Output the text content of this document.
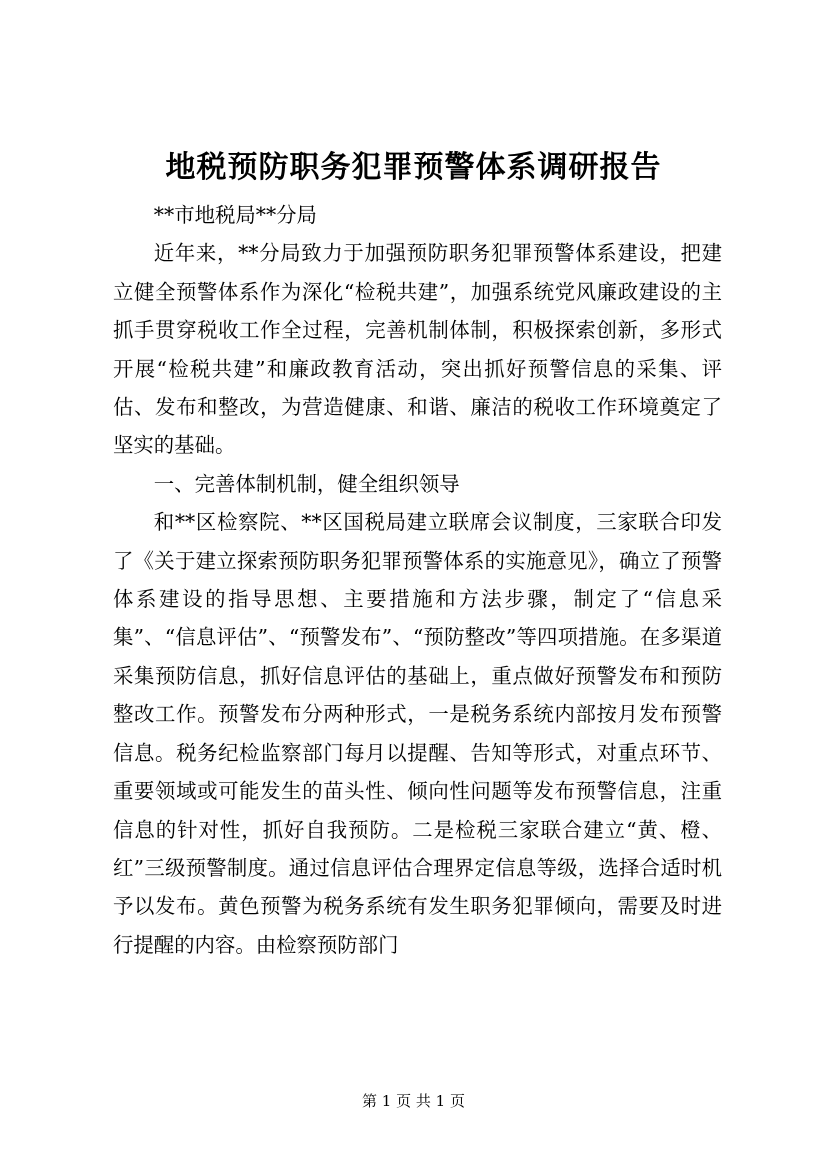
地税预防职务犯罪预警体系调研报告

**市地税局**分局

近年来，**分局致力于加强预防职务犯罪预警体系建设，把建立健全预警体系作为深化“检税共建”，加强系统党风廉政建设的主抓手贯穿税收工作全过程，完善机制体制，积极探索创新，多形式开展“检税共建”和廉政教育活动，突出抓好预警信息的采集、评估、发布和整改，为营造健康、和谐、廉洁的税收工作环境奠定了坚实的基础。

一、完善体制机制，健全组织领导

和**区检察院、**区国税局建立联席会议制度，三家联合印发了《关于建立探索预防职务犯罪预警体系的实施意见》，确立了预警体系建设的指导思想、主要措施和方法步骤，制定了“信息采集”、“信息评估”、“预警发布”、“预防整改”等四项措施。在多渠道采集预防信息，抓好信息评估的基础上，重点做好预警发布和预防整改工作。预警发布分两种形式，一是税务系统内部按月发布预警信息。税务纪检监察部门每月以提醒、告知等形式，对重点环节、重要领域或可能发生的苗头性、倾向性问题等发布预警信息，注重信息的针对性，抓好自我预防。二是检税三家联合建立“黄、橙、红”三级预警制度。通过信息评估合理界定信息等级，选择合适时机予以发布。黄色预警为税务系统有发生职务犯罪倾向，需要及时进行提醒的内容。由检察预防部门

第 1 页 共 1 页
